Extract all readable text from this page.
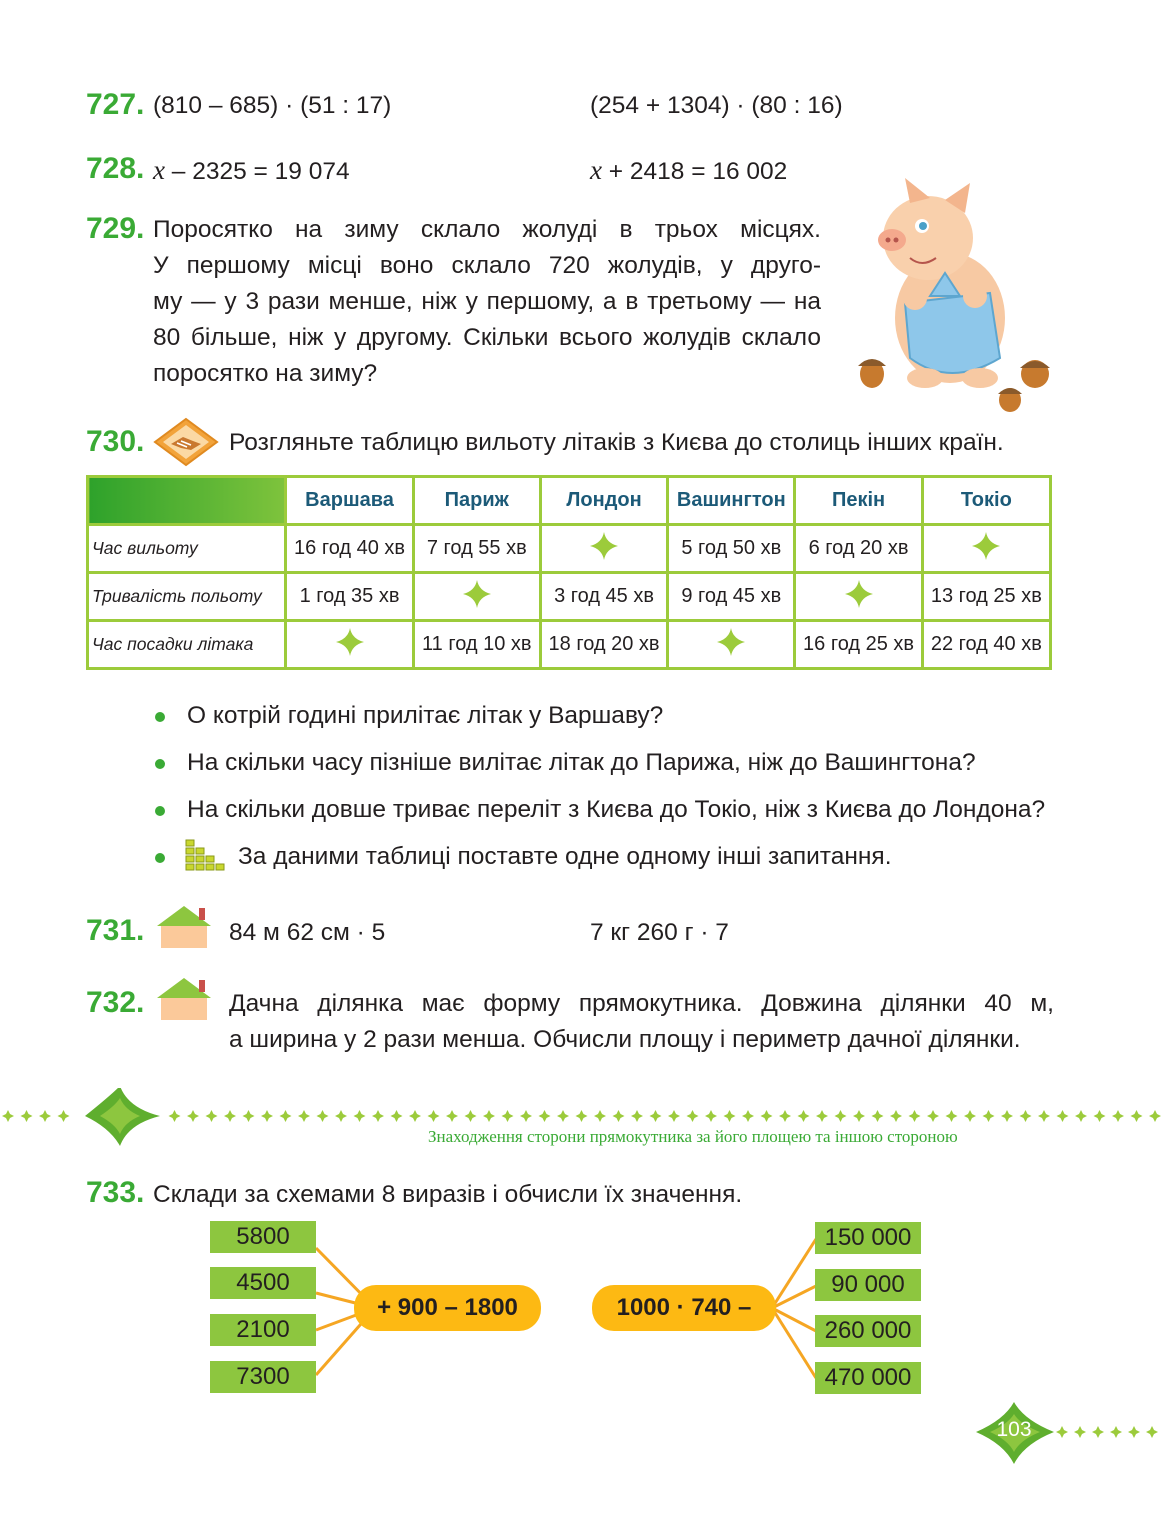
727. (810 – 685) · (51 : 17)	(254 + 1304) · (80 : 16)
728. x – 2325 = 19 074	x + 2418 = 16 002
729. Поросятко на зиму склало жолуді в трьох місцях.
У першому місці воно склало 720 жолудів, у друго-
му — у 3 рази менше, ніж у першому, а в третьому — на
80 більше, ніж у другому. Скільки всього жолудів склало
поросятко на зиму?
730.	Розгляньте таблицю вильоту літаків з Києва до столиць інших країн.
	Варшава	Париж	Лондон	Вашингтон	Пекін	Токіо
Час вильоту	16 год 40 хв	7 год 55 хв		5 год 50 хв	6 год 20 хв	
Тривалість польоту	1 год 35 хв		3 год 45 хв	9 год 45 хв		13 год 25 хв
Час посадки літака		11 год 10 хв	18 год 20 хв		16 год 25 хв	22 год 40 хв
О котрій годині прилітає літак у Варшаву?
На скільки часу пізніше вилітає літак до Парижа, ніж до Вашингтона?
На скільки довше триває переліт з Києва до Токіо, ніж з Києва до Лондона?
За даними таблиці поставте одне одному інші запитання.
731.	84 м 62 см · 5	7 кг 260 г · 7
732.	Дачна ділянка має форму прямокутника. Довжина ділянки 40 м,
а ширина у 2 рази менша. Обчисли площу і периметр дачної ділянки.
Знаходження сторони прямокутника за його площею та іншою стороною
733. Склади за схемами 8 виразів і обчисли їх значення.
5800
4500
2100
7300
+ 900 – 1800	1000 · 740 –
150 000
90 000
260 000
470 000
103
